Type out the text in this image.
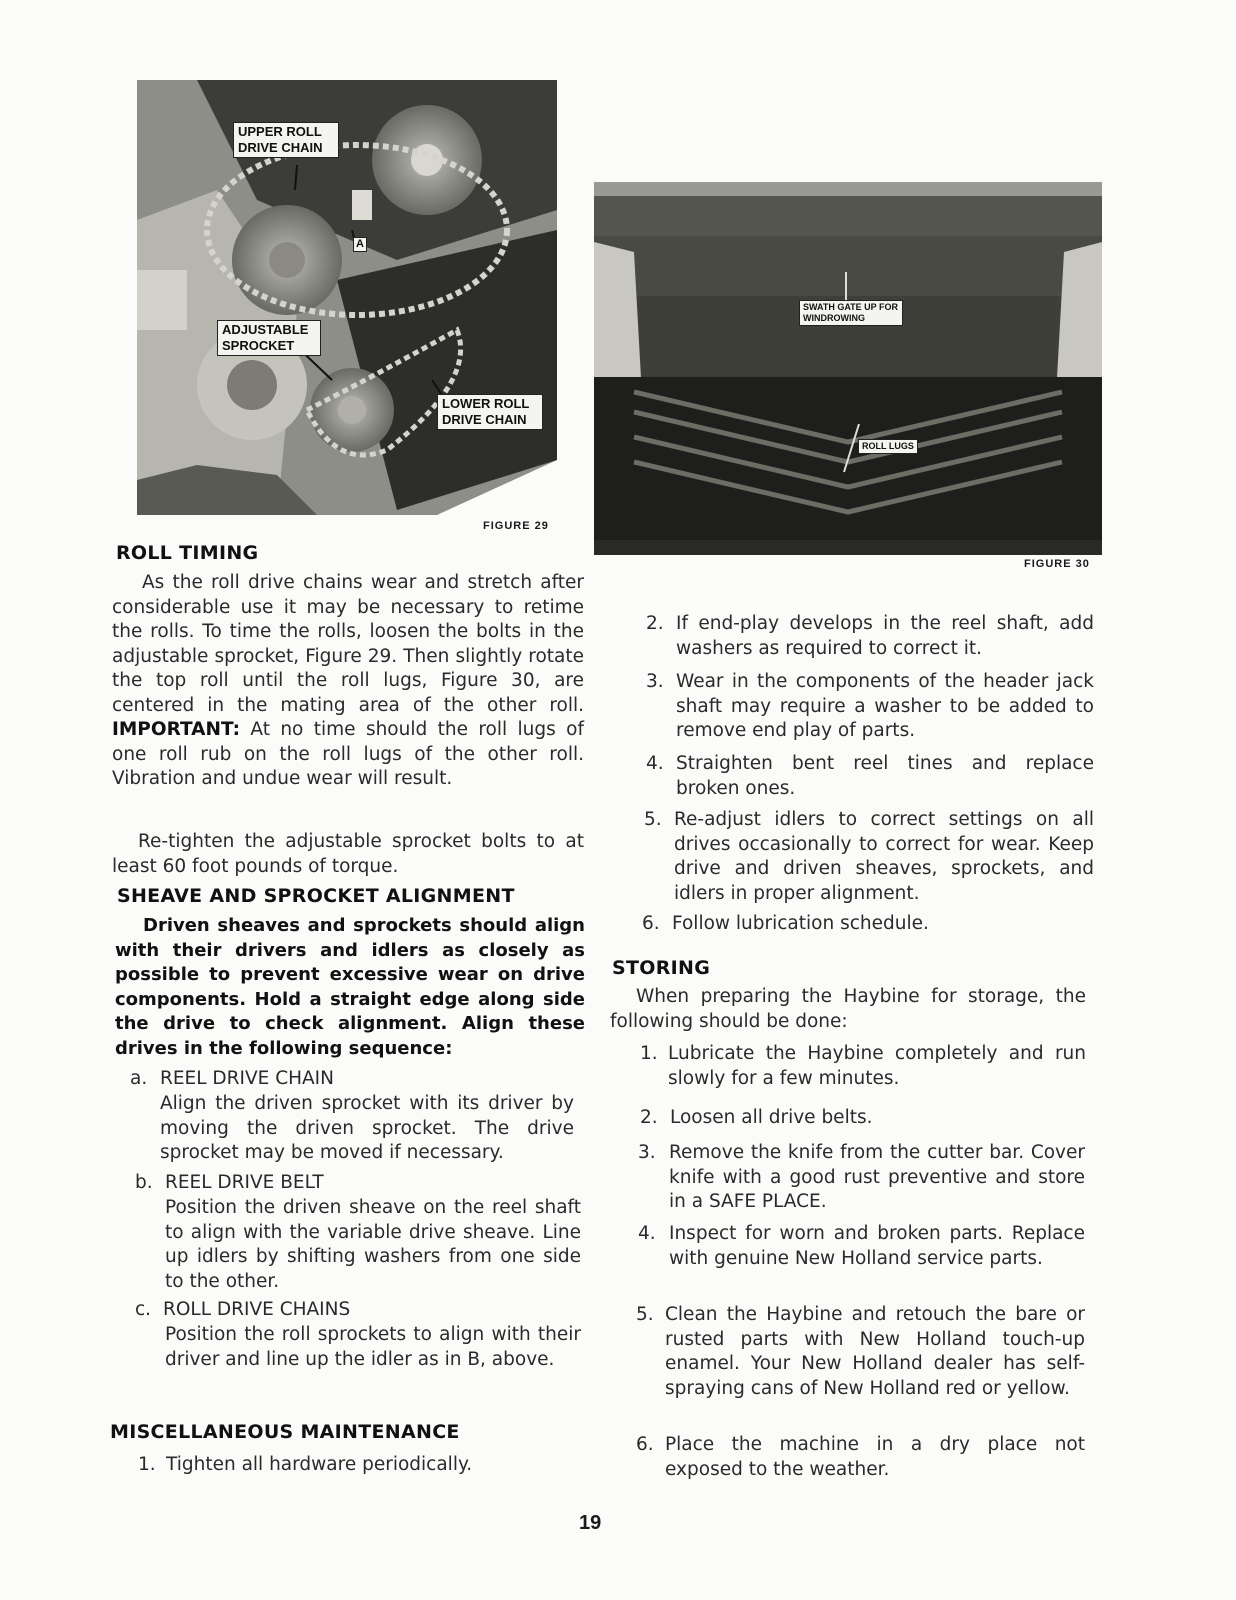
UPPER ROLL DRIVE CHAIN
A
ADJUSTABLE SPROCKET
LOWER ROLL DRIVE CHAIN
FIGURE 29
SWATH GATE UP FOR WINDROWING
ROLL LUGS
FIGURE 30
ROLL TIMING

As the roll drive chains wear and stretch after considerable use it may be necessary to retime the rolls. To time the rolls, loosen the bolts in the adjustable sprocket, Figure 29. Then slightly rotate the top roll until the roll lugs, Figure 30, are centered in the mating area of the other roll. IMPORTANT: At no time should the roll lugs of one roll rub on the roll lugs of the other roll. Vibration and undue wear will result.

Re-tighten the adjustable sprocket bolts to at least 60 foot pounds of torque.

SHEAVE AND SPROCKET ALIGNMENT

Driven sheaves and sprockets should align with their drivers and idlers as closely as possible to prevent excessive wear on drive components. Hold a straight edge along side the drive to check alignment. Align these drives in the following sequence:

a. REEL DRIVE CHAIN
Align the driven sprocket with its driver by moving the driven sprocket. The drive sprocket may be moved if necessary.
b. REEL DRIVE BELT
Position the driven sheave on the reel shaft to align with the variable drive sheave. Line up idlers by shifting washers from one side to the other.
c. ROLL DRIVE CHAINS
Position the roll sprockets to align with their driver and line up the idler as in B, above.
MISCELLANEOUS MAINTENANCE
1. Tighten all hardware periodically.
2. If end-play develops in the reel shaft, add washers as required to correct it.
3. Wear in the components of the header jack shaft may require a washer to be added to remove end play of parts.
4. Straighten bent reel tines and replace broken ones.
5. Re-adjust idlers to correct settings on all drives occasionally to correct for wear. Keep drive and driven sheaves, sprockets, and idlers in proper alignment.
6. Follow lubrication schedule.
STORING

When preparing the Haybine for storage, the following should be done:

1. Lubricate the Haybine completely and run slowly for a few minutes.
2. Loosen all drive belts.
3. Remove the knife from the cutter bar. Cover knife with a good rust preventive and store in a SAFE PLACE.
4. Inspect for worn and broken parts. Replace with genuine New Holland service parts.
5. Clean the Haybine and retouch the bare or rusted parts with New Holland touch-up enamel. Your New Holland dealer has self-spraying cans of New Holland red or yellow.
6. Place the machine in a dry place not exposed to the weather.
19
